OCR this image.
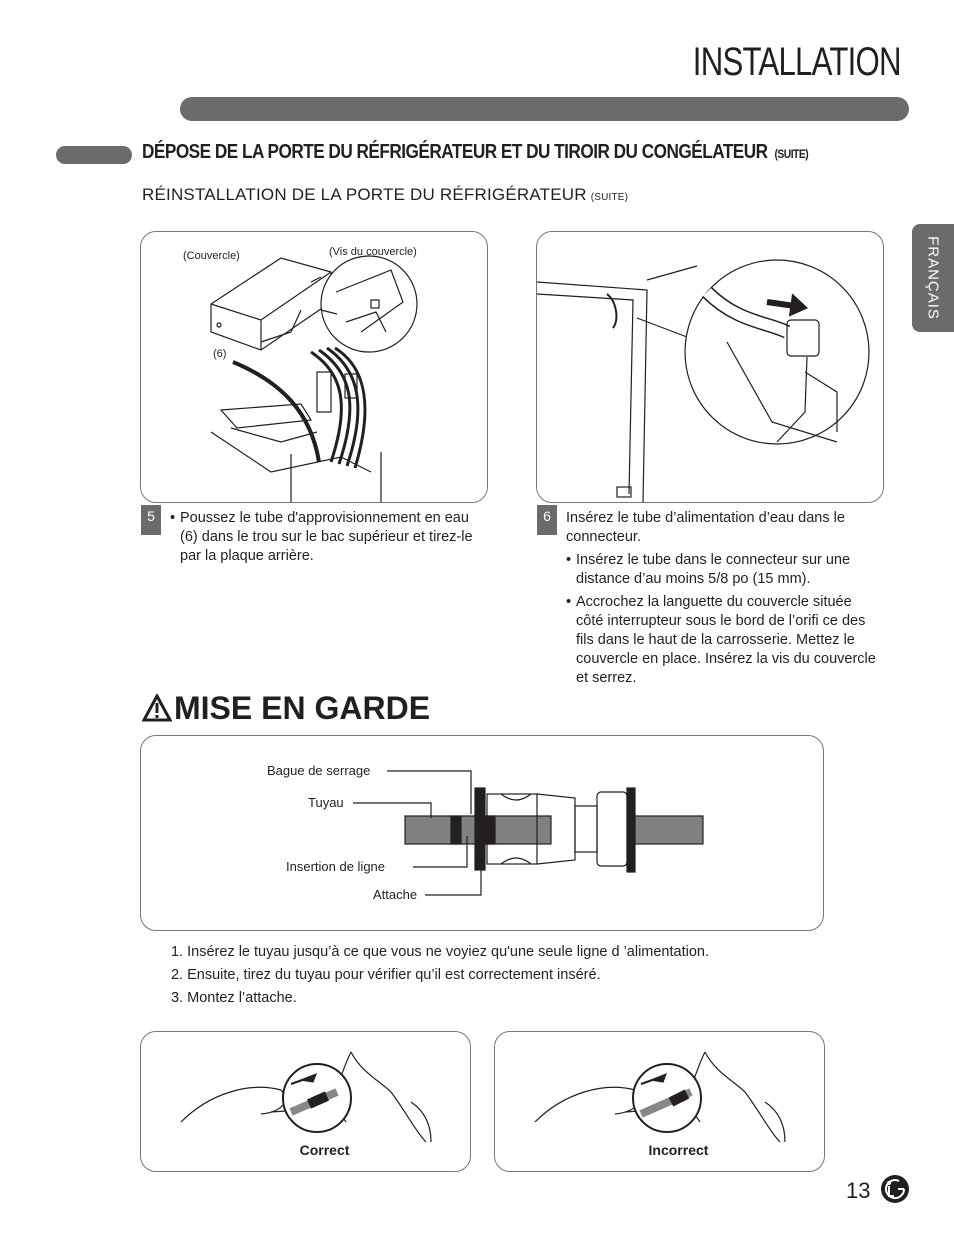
INSTALLATION
DÉPOSE DE LA PORTE DU RÉFRIGÉRATEUR ET DU TIROIR DU CONGÉLATEUR (SUITE)
RÉINSTALLATION DE LA PORTE DU RÉFRIGÉRATEUR (SUITE)
FRANÇAIS
(Couvercle)	(Vis du couvercle)
(6)
5
•	Poussez le tube d'approvisionnement en eau (6) dans le trou sur le bac supérieur et tirez-le par la plaque arrière.
6	Insérez le tube d’alimentation d’eau dans le connecteur.
• Insérez le tube dans le connecteur sur une distance d’au moins 5/8 po (15 mm).
• Accrochez la languette du couvercle située côté interrupteur sous le bord de l’orifi ce des fils dans le haut de la carrosserie. Mettez le couvercle en place. Insérez la vis du couvercle et serrez.
MISE EN GARDE
Bague de serrage
Tuyau
Insertion de ligne
Attache
1. Insérez le tuyau jusqu’à ce que vous ne voyiez qu'une seule ligne d ’alimentation.
2. Ensuite, tirez du tuyau pour vérifier qu’il est correctement inséré.
3. Montez l’attache.
Correct	Incorrect
13
